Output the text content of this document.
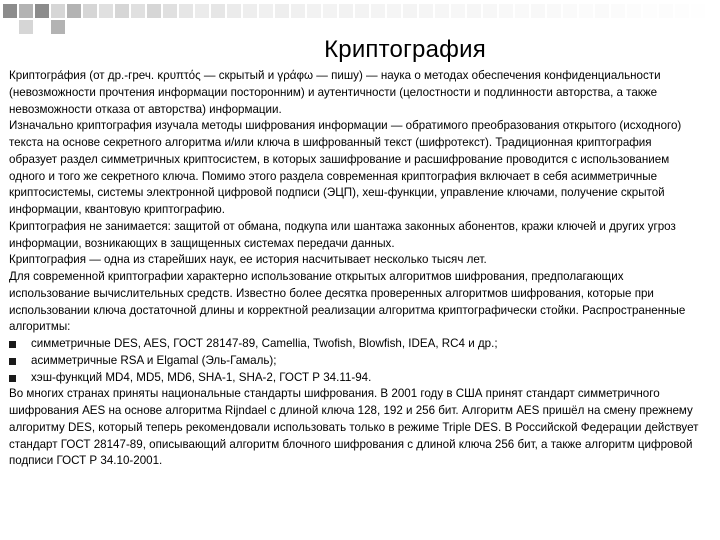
Криптография

Криптогра́фия (от др.-греч. κρυπτός — скрытый и γράφω — пишу) — наука о методах обеспечения конфиденциальности (невозможности прочтения информации посторонним) и аутентичности (целостности и подлинности авторства, а также невозможности отказа от авторства) информации.

Изначально криптография изучала методы шифрования информации — обратимого преобразования открытого (исходного) текста на основе секретного алгоритма и/или ключа в шифрованный текст (шифротекст). Традиционная криптография образует раздел симметричных криптосистем, в которых зашифрование и расшифрование проводится с использованием одного и того же секретного ключа. Помимо этого раздела современная криптография включает в себя асимметричные криптосистемы, системы электронной цифровой подписи (ЭЦП), хеш-функции, управление ключами, получение скрытой информации, квантовую криптографию.

Криптография не занимается: защитой от обмана, подкупа или шантажа законных абонентов, кражи ключей и других угроз информации, возникающих в защищенных системах передачи данных.

Криптография — одна из старейших наук, ее история насчитывает несколько тысяч лет.

Для современной криптографии характерно использование открытых алгоритмов шифрования, предполагающих использование вычислительных средств. Известно более десятка проверенных алгоритмов шифрования, которые при использовании ключа достаточной длины и корректной реализации алгоритма криптографически стойки. Распространенные алгоритмы:

симметричные DES, AES, ГОСТ 28147-89, Camellia, Twofish, Blowfish, IDEA, RC4 и др.;

асимметричные RSA и Elgamal (Эль-Гамаль);

хэш-функций MD4, MD5, MD6, SHA-1, SHA-2, ГОСТ Р 34.11-94.

Во многих странах приняты национальные стандарты шифрования. В 2001 году в США принят стандарт симметричного шифрования AES на основе алгоритма Rijndael с длиной ключа 128, 192 и 256 бит. Алгоритм AES пришёл на смену прежнему алгоритму DES, который теперь рекомендовали использовать только в режиме Triple DES. В Российской Федерации действует стандарт ГОСТ 28147-89, описывающий алгоритм блочного шифрования с длиной ключа 256 бит, а также алгоритм цифровой подписи ГОСТ Р 34.10-2001.
